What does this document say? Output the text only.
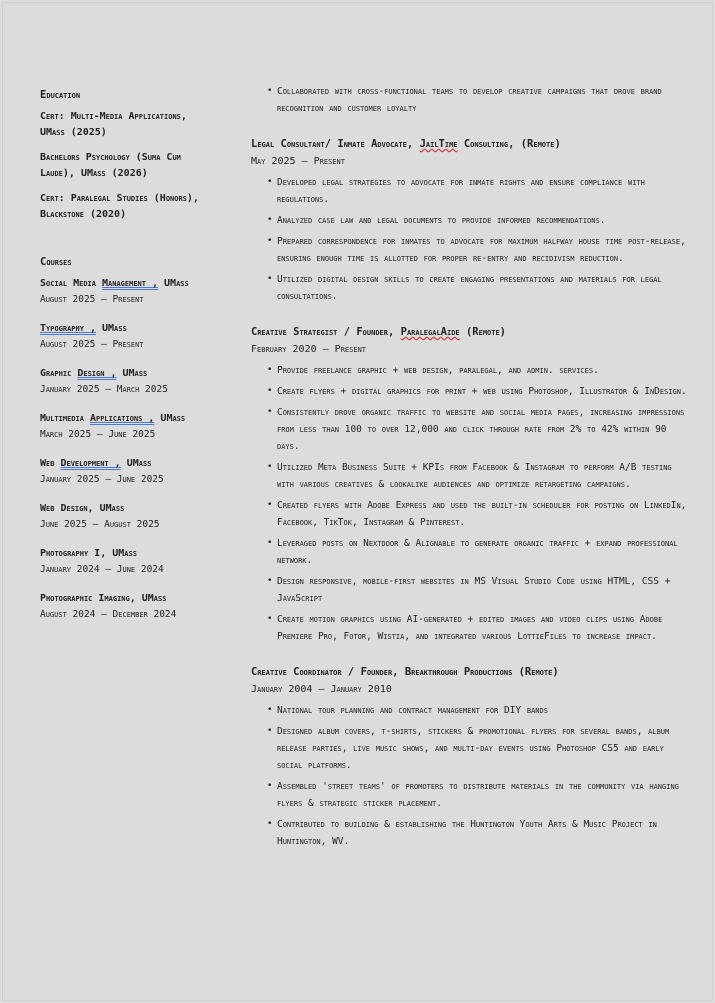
Education
Cert: Multi-Media Applications,
UMass (2025)
Bachelors Psychology (Suma Cum
Laude), UMass (2026)
Cert: Paralegal Studies (Honors),
Blackstone (2020)
Courses
Social Media Management , UMass
August 2025 – Present
Typography , UMass
August 2025 – Present
Graphic Design , UMass
January 2025 – March 2025
Multimedia Applications , UMass
March 2025 – June 2025
Web Development , UMass
January 2025 – June 2025
Web Design, UMass
June 2025 – August 2025
Photography I, UMass
January 2024 – June 2024
Photographic Imaging, UMass
August 2024 – December 2024
• Collaborated with cross-functional teams to develop creative campaigns that drove brand recognition and customer loyalty
Legal Consultant/ Inmate Advocate, JailTime Consulting, (Remote)
May 2025 – Present
• Developed legal strategies to advocate for inmate rights and ensure compliance with regulations.
• Analyzed case law and legal documents to provide informed recommendations.
• Prepared correspondence for inmates to advocate for maximum halfway house time post-release, ensuring enough time is allotted for proper re-entry and recidivism reduction.
• Utilized digital design skills to create engaging presentations and materials for legal consultations.
Creative Strategist / Founder, ParalegalAide (Remote)
February 2020 – Present
• Provide freelance graphic + web design, paralegal, and admin. services.
• Create flyers + digital graphics for print + web using Photoshop, Illustrator & InDesign.
• Consistently drove organic traffic to website and social media pages, increasing impressions from less than 100 to over 12,000 and click through rate from 2% to 42% within 90 days.
• Utilized Meta Business Suite + KPIs from Facebook & Instagram to perform A/B testing with various creatives & lookalike audiences and optimize retargeting campaigns.
• Created flyers with Adobe Express and used the built-in scheduler for posting on LinkedIn, Facebook, TikTok, Instagram & Pinterest.
• Leveraged posts on Nextdoor & Alignable to generate organic traffic + expand professional network.
• Design responsive, mobile-first websites in MS Visual Studio Code using HTML, CSS + JavaScript
• Create motion graphics using AI-generated + edited images and video clips using Adobe Premiere Pro, Fotor, Wistia, and integrated various LottieFiles to increase impact.
Creative Coordinator / Founder, Breakthrough Productions (Remote)
January 2004 – January 2010
• National tour planning and contract management for DIY bands
• Designed album covers, t-shirts, stickers & promotional flyers for several bands, album release parties, live music shows, and multi-day events using Photoshop CS5 and early social platforms.
• Assembled 'street teams' of promoters to distribute materials in the community via hanging flyers & strategic sticker placement.
• Contributed to building & establishing the Huntington Youth Arts & Music Project in Huntington, WV.
